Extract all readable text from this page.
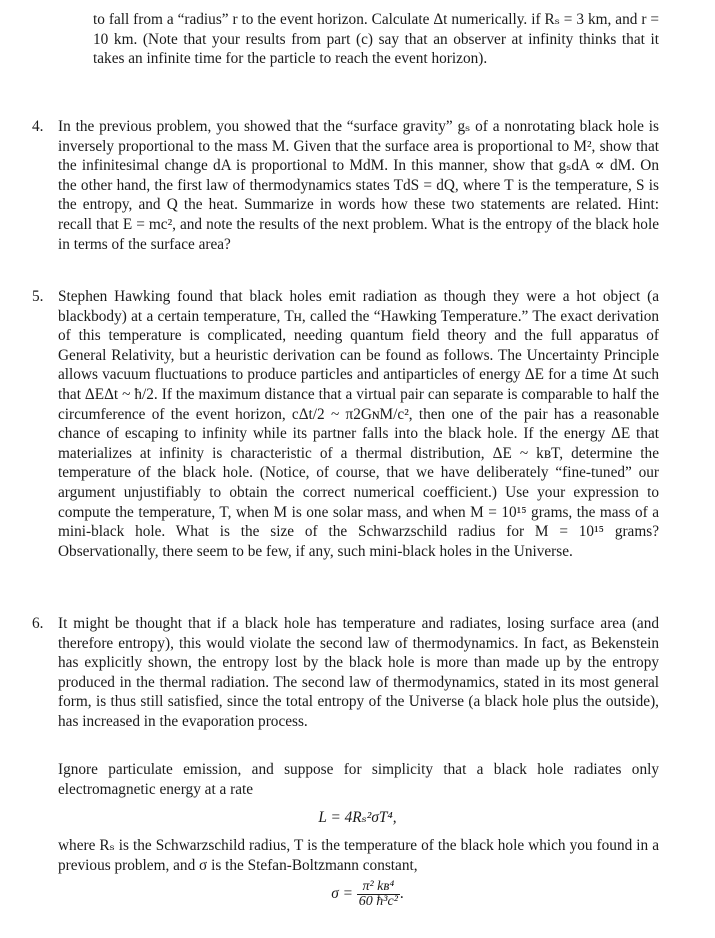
to fall from a “radius” r to the event horizon. Calculate Δt numerically. if Rₛ = 3 km, and r = 10 km. (Note that your results from part (c) say that an observer at infinity thinks that it takes an infinite time for the particle to reach the event horizon).

4. In the previous problem, you showed that the “surface gravity” gₛ of a nonrotating black hole is inversely proportional to the mass M. Given that the surface area is proportional to M², show that the infinitesimal change dA is proportional to MdM. In this manner, show that gₛdA ∝ dM. On the other hand, the first law of thermodynamics states TdS = dQ, where T is the temperature, S is the entropy, and Q the heat. Summarize in words how these two statements are related. Hint: recall that E = mc², and note the results of the next problem. What is the entropy of the black hole in terms of the surface area?
5. Stephen Hawking found that black holes emit radiation as though they were a hot object (a blackbody) at a certain temperature, Tʜ, called the “Hawking Temperature.” The exact derivation of this temperature is complicated, needing quantum field theory and the full apparatus of General Relativity, but a heuristic derivation can be found as follows. The Uncertainty Principle allows vacuum fluctuations to produce particles and antiparticles of energy ΔE for a time Δt such that ΔEΔt ~ ħ/2. If the maximum distance that a virtual pair can separate is comparable to half the circumference of the event horizon, cΔt/2 ~ π2GɴM/c², then one of the pair has a reasonable chance of escaping to infinity while its partner falls into the black hole. If the energy ΔE that materializes at infinity is characteristic of a thermal distribution, ΔE ~ kʙT, determine the temperature of the black hole. (Notice, of course, that we have deliberately “fine-tuned” our argument unjustifiably to obtain the correct numerical coefficient.) Use your expression to compute the temperature, T, when M is one solar mass, and when M = 10¹⁵ grams, the mass of a mini-black hole. What is the size of the Schwarzschild radius for M = 10¹⁵ grams? Observationally, there seem to be few, if any, such mini-black holes in the Universe.
6. It might be thought that if a black hole has temperature and radiates, losing surface area (and therefore entropy), this would violate the second law of thermodynamics. In fact, as Bekenstein has explicitly shown, the entropy lost by the black hole is more than made up by the entropy produced in the thermal radiation. The second law of thermodynamics, stated in its most general form, is thus still satisfied, since the total entropy of the Universe (a black hole plus the outside), has increased in the evaporation process.

Ignore particulate emission, and suppose for simplicity that a black hole radiates only electromagnetic energy at a rate

L = 4Rₛ²σT⁴,

where Rₛ is the Schwarzschild radius, T is the temperature of the black hole which you found in a previous problem, and σ is the Stefan-Boltzmann constant,

$\sigma = \frac{\text{π² kʙ⁴}}{\text{60 ħ³c²}}$ .
